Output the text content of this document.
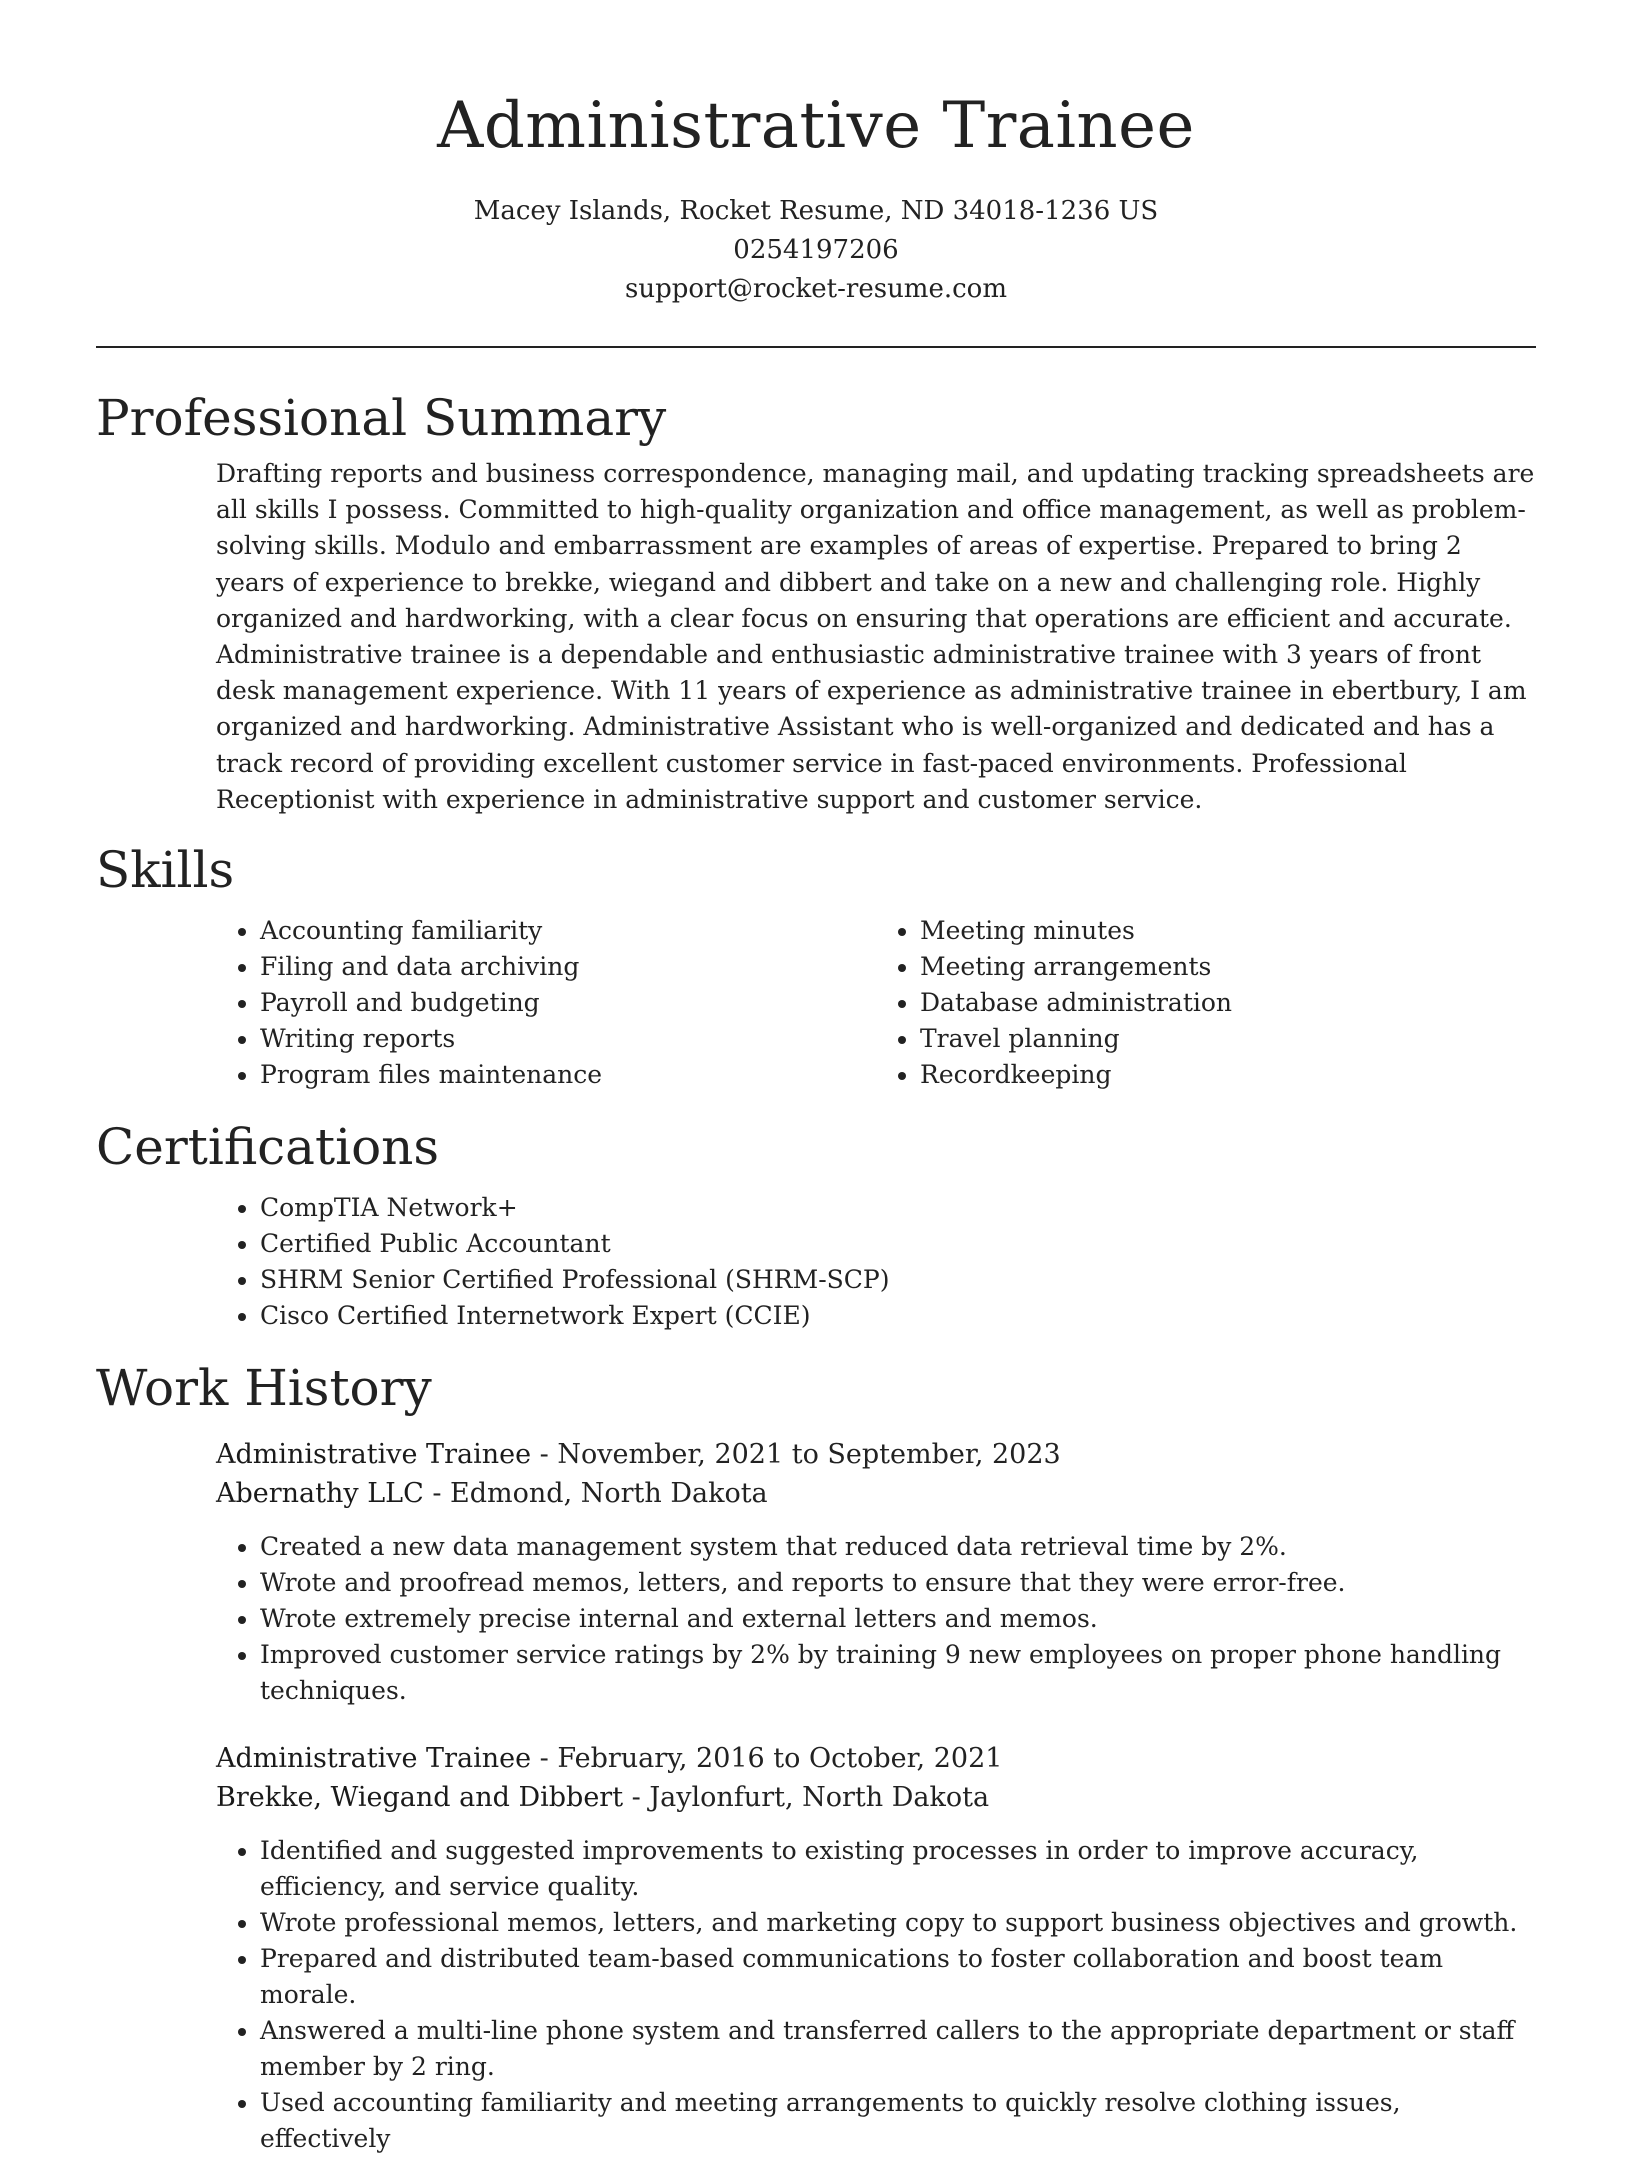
Administrative Trainee
Macey Islands, Rocket Resume, ND 34018-1236 US
0254197206
support@rocket-resume.com
Professional Summary

Drafting reports and business correspondence, managing mail, and updating tracking spreadsheets are all skills I possess. Committed to high-quality organization and office management, as well as problem-solving skills. Modulo and embarrassment are examples of areas of expertise. Prepared to bring 2 years of experience to brekke, wiegand and dibbert and take on a new and challenging role. Highly organized and hardworking, with a clear focus on ensuring that operations are efficient and accurate. Administrative trainee is a dependable and enthusiastic administrative trainee with 3 years of front desk management experience. With 11 years of experience as administrative trainee in ebertbury, I am organized and hardworking. Administrative Assistant who is well-organized and dedicated and has a track record of providing excellent customer service in fast-paced environments. Professional Receptionist with experience in administrative support and customer service.

Skills
• Accounting familiarity
• Filing and data archiving
• Payroll and budgeting
• Writing reports
• Program files maintenance
• Meeting minutes
• Meeting arrangements
• Database administration
• Travel planning
• Recordkeeping
Certifications
• CompTIA Network+
• Certified Public Accountant
• SHRM Senior Certified Professional (SHRM-SCP)
• Cisco Certified Internetwork Expert (CCIE)
Work History
Administrative Trainee - November, 2021 to September, 2023
Abernathy LLC - Edmond, North Dakota
• Created a new data management system that reduced data retrieval time by 2%.
• Wrote and proofread memos, letters, and reports to ensure that they were error-free.
• Wrote extremely precise internal and external letters and memos.
• Improved customer service ratings by 2% by training 9 new employees on proper phone handling techniques.
Administrative Trainee - February, 2016 to October, 2021
Brekke, Wiegand and Dibbert - Jaylonfurt, North Dakota
• Identified and suggested improvements to existing processes in order to improve accuracy, efficiency, and service quality.
• Wrote professional memos, letters, and marketing copy to support business objectives and growth.
• Prepared and distributed team-based communications to foster collaboration and boost team morale.
• Answered a multi-line phone system and transferred callers to the appropriate department or staff member by 2 ring.
• Used accounting familiarity and meeting arrangements to quickly resolve clothing issues, effectively
